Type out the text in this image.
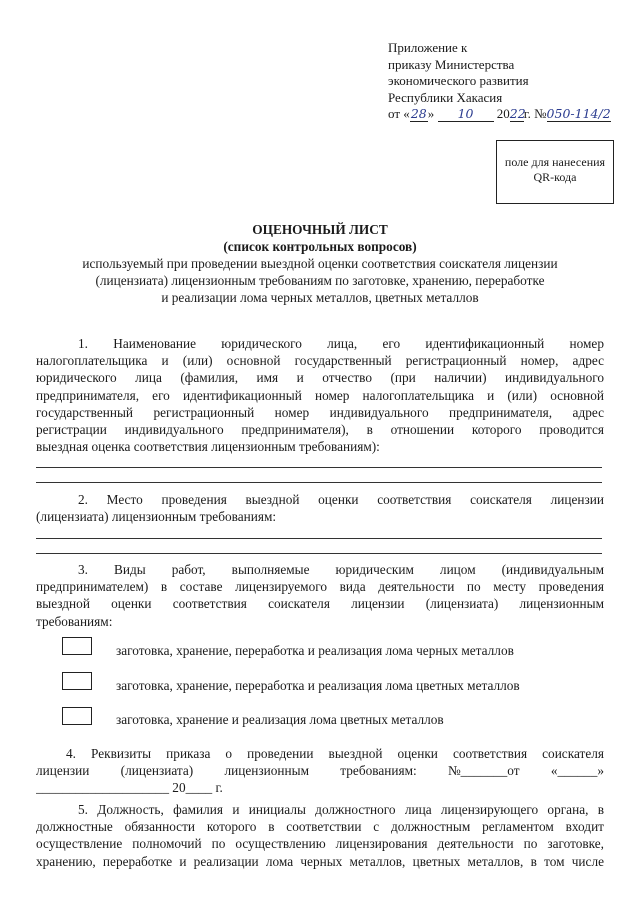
Приложение к
приказу Министерства
экономического развития
Республики Хакасия
от «28» 10 2022г. №050-114/2
поле для нанесения
QR-кода
ОЦЕНОЧНЫЙ ЛИСТ
(список контрольных вопросов)
используемый при проведении выездной оценки соответствия соискателя лицензии
(лицензиата) лицензионным требованиям по заготовке, хранению, переработке
и реализации лома черных металлов, цветных металлов
1. Наименование юридического лица, его идентификационный номер
налогоплательщика и (или) основной государственный регистрационный номер, адрес
юридического лица (фамилия, имя и отчество (при наличии) индивидуального
предпринимателя, его идентификационный номер налогоплательщика и (или) основной
государственный регистрационный номер индивидуального предпринимателя, адрес
регистрации индивидуального предпринимателя), в отношении которого проводится
выездная оценка соответствия лицензионным требованиям):
2. Место проведения выездной оценки соответствия соискателя лицензии
(лицензиата) лицензионным требованиям:
3. Виды работ, выполняемые юридическим лицом (индивидуальным
предпринимателем) в составе лицензируемого вида деятельности по месту проведения
выездной оценки соответствия соискателя лицензии (лицензиата) лицензионным
требованиям:
заготовка, хранение, переработка и реализация лома черных металлов
заготовка, хранение, переработка и реализация лома цветных металлов
заготовка, хранение и реализация лома цветных металлов
4. Реквизиты приказа о проведении выездной оценки соответствия соискателя
лицензии (лицензиата) лицензионным требованиям: №_______от «______»
____________________ 20____ г.
5. Должность, фамилия и инициалы должностного лица лицензирующего органа, в
должностные обязанности которого в соответствии с должностным регламентом входит
осуществление полномочий по осуществлению лицензирования деятельности по заготовке,
хранению, переработке и реализации лома черных металлов, цветных металлов, в том числе
